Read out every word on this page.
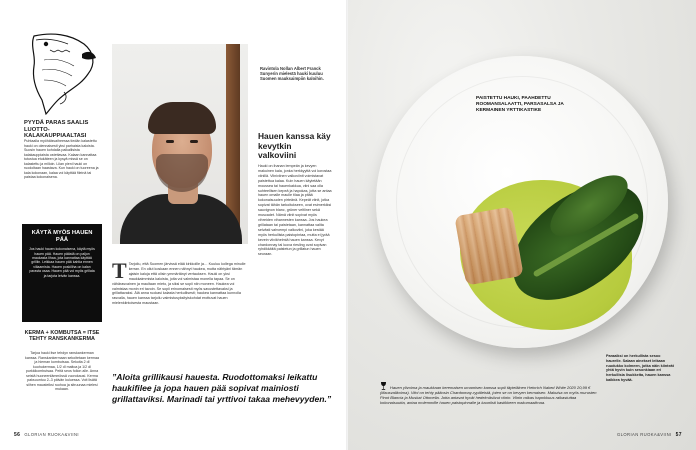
PYYDÄ PARAS SAALIS LUOTTO-KALAKAUPPIAALTASI
Puhtaalla myöhäisvaiheessa tiedän kalastettu hauki on olennaisesti yksi parhaista kaloista. Suosin hauen kohdalla paikallisista kalakauppiaista ostettavaa. Kalaan kannattaa tutustua etukäteen ja kysyä missä se on kalastettu ja milloin. Liian pieni hauki on ruodoltaan haastava. Kun hauki on tuoreena ja kala kokonaan, kalaa voi käyttää fileinä tai paistaa kokonaisena.
KÄYTÄ MYÖS HAUEN PÄÄ
Jos hauki hauen kokonaisena, käytä myös hauen pää. Hauen päästä on paljon maukasta lihaa, jota kannattaa käyttää grilliin. Leikkaa hauen pää kahtia ennen viilaamista. Hauen poskiliha on kalan parasta osaa. Hauen pää voi myös grillata ja tarjota leivän kanssa.
KERMA + KOMBUTSA = ITSE TEHTY RANSKANKERMA
Tarjoa hauki itse tehdyn ranskankerman kanssa. Ranskankermaan sekoitetaan kermaa ja hieman kombutsaa. Sekoita 2 dl kuohukermaa, 1/2 dl maitoa ja 1/2 dl purkkikombutsaa. Peitä seos folion alle. Anna seistä huoneenlämmössä vuorokausi. Kerma paksuuntuu 2–3 päivän kuluessa. Voit lisätä siihen mausteiksi ruohoa ja sitruunaa mielesi mukaan.
Ravintola Nollan Albert Franck Sunyerin mielestä hauki kuuluu Suomen mauksaimpiin kaloihin.
Hauen kanssa käy kevytkin valkoviini
Hauki on ihanan lempeän ja kevyen makuinen kala, jonka herkkyyttä voi korostaa viinillä. Viiniviinen valkoviinit voimistavat paistettua kalaa. Kuin hauen käytetään moussea tai hauenkakkua, viini saa olla suhteellisen kepeä ja hapokas, jotta se antaa hauen omalle maulle tilaa ja pitää kokonaisuuden pirteänä. Kepeät viinit, jotka sopivat tähän tarkoitukseen, ovat esimerkiksi sauvignon blanc, grüner veltliner sekä muscadet. Nämä viinit sopivat myös vihreiden vihannesten kanssa. Jos haukea grillataan tai paistetaan, kannattaa valita selvästi vahvempi valkoviini, joka kestää myös herkullista paistopintaa, mutta ei jyrää kevein viivikhelmiä hauen kanssa. Kevyt chardonnay tai luova riesling ovat sopivan ryhdikkäitä paistetun ja grillatun hauen seuraan.
T Tarjoilu, että Suomen järvissä elää kirkkoille ja… Kuuluu kollega minulle kerran. En ollut koskaan ennen nähnyt haukea, mutta nähtyäni tämän ajaisin kaloja että olisin ymmärtänyt vertauksen. Hauki on yksi maukkaimmista kaloista, joita voi valmistaa monella tapaa. Se on vähärasvainen ja maultaan mieto, ja siksi se sopii niin moneen. Haukea voi valmistaa monin eri tavoin. Se sopii erinomaisesti myös savustettavaksi ja grillattavaksi. Älä anna ruokasi kalasta herkullisesti; haukea kannattaa kunnolla rasvalla, hauen kanssa tarjoilu valmistusyksityiskohdat erottuvat hauen mielenkiintoisesta maustaan.
”Aloita grillikausi hauesta. Ruodottomaksi leikattu haukifilee ja jopa hauen pää sopivat mainiosti grillattaviksi. Marinadi tai yrttivoi takaa mehevyyden.”
56 GLORIAN RUOKA&VIINI
PAISTETTU HAUKI, PAAHDETTU ROOMANSALAATTI, PARSASALSA JA KERMAINEN YRTTIKASTIKE
Paraaiksi on herkullista sesoo haurelle. Salaan ainekset leikaan ruudukko kolmeen, jotka näin kiinteät yhtä hyvin kuin sesonkiaan eri herkullisia lisukkeita, hauen kanssa kaikkea hyvää.
Hauen ylivoima ja maukkaan keremaisen umamisen kanssa sopii täyteläinen Heinrich Naked White 2020 20,99 € (tilausvalikoima). Viini on tehty pääosin Chardonnay-rypäleistä, joten se on kevyen kermaisen. Makuisa on myös murusten Pinot Blancia ja Muskat Ottonelia. Jotta antavat hyvät hedelmäsiivut viinin. Viinin raikas hapokkuus raikastuttaa kokonaisuutta, antaa molemmille hauen paistopinnalle ja kauniisti kastikkeen makumaailmaa.
GLORIAN RUOKA&VIINI 57
